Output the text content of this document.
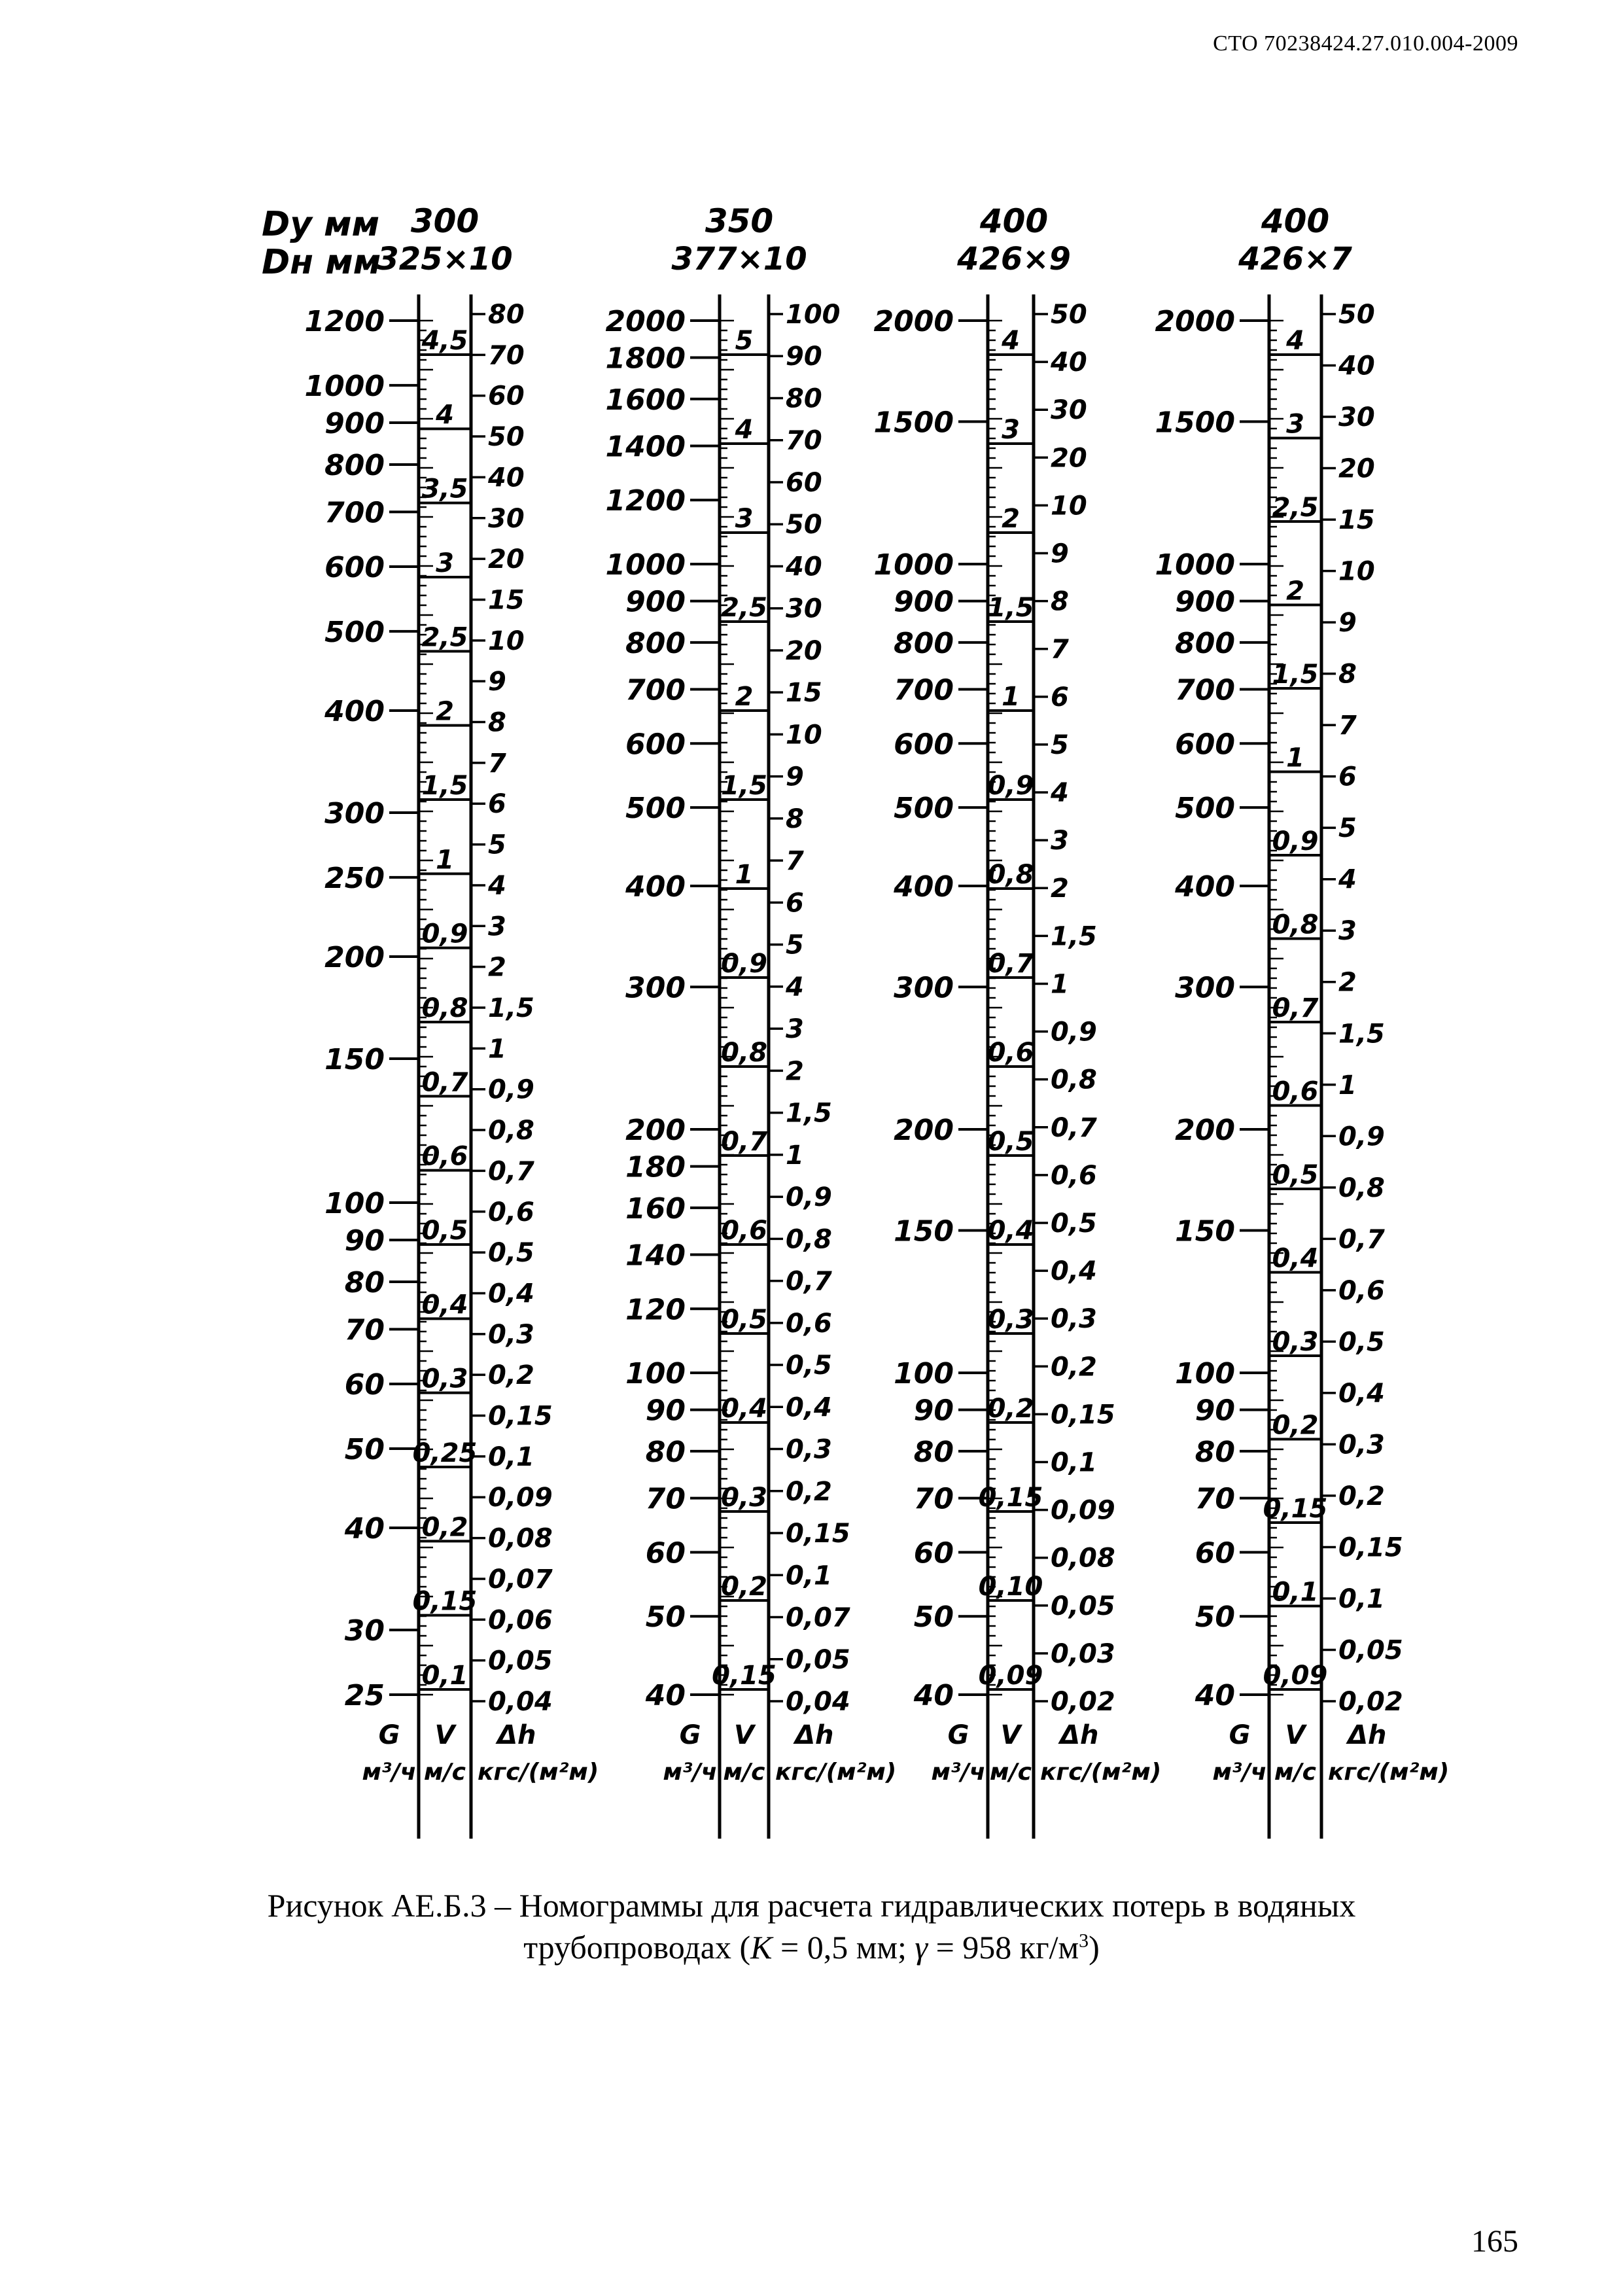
СТО 70238424.27.010.004-2009
Dу мм
Dн мм
300
325×10
1200
1000
900
800
700
600
500
400
300
250
200
150
100
90
80
70
60
50
40
30
25
4,5
4
3,5
3
2,5
2
1,5
1
0,9
0,8
0,7
0,6
0,5
0,4
0,3
0,25
0,2
0,15
0,1
80
70
60
50
40
30
20
15
10
9
8
7
6
5
4
3
2
1,5
1
0,9
0,8
0,7
0,6
0,5
0,4
0,3
0,2
0,15
0,1
0,09
0,08
0,07
0,06
0,05
0,04
G
м³/ч
V
м/с
Δh
кгс/(м²м)
350
377×10
2000
1800
1600
1400
1200
1000
900
800
700
600
500
400
300
200
180
160
140
120
100
90
80
70
60
50
40
5
4
3
2,5
2
1,5
1
0,9
0,8
0,7
0,6
0,5
0,4
0,3
0,2
0,15
100
90
80
70
60
50
40
30
20
15
10
9
8
7
6
5
4
3
2
1,5
1
0,9
0,8
0,7
0,6
0,5
0,4
0,3
0,2
0,15
0,1
0,07
0,05
0,04
G
м³/ч
V
м/с
Δh
кгс/(м²м)
400
426×9
2000
1500
1000
900
800
700
600
500
400
300
200
150
100
90
80
70
60
50
40
4
3
2
1,5
1
0,9
0,8
0,7
0,6
0,5
0,4
0,3
0,2
0,15
0,10
0,09
50
40
30
20
10
9
8
7
6
5
4
3
2
1,5
1
0,9
0,8
0,7
0,6
0,5
0,4
0,3
0,2
0,15
0,1
0,09
0,08
0,05
0,03
0,02
G
м³/ч
V
м/с
Δh
кгс/(м²м)
400
426×7
2000
1500
1000
900
800
700
600
500
400
300
200
150
100
90
80
70
60
50
40
4
3
2,5
2
1,5
1
0,9
0,8
0,7
0,6
0,5
0,4
0,3
0,2
0,15
0,1
0,09
50
40
30
20
15
10
9
8
7
6
5
4
3
2
1,5
1
0,9
0,8
0,7
0,6
0,5
0,4
0,3
0,2
0,15
0,1
0,05
0,02
G
м³/ч
V
м/с
Δh
кгс/(м²м)
Рисунок АЕ.Б.3 – Номограммы для расчета гидравлических потерь в водяных
трубопроводах (K = 0,5 мм; γ = 958 $кг/м^3$)
165
